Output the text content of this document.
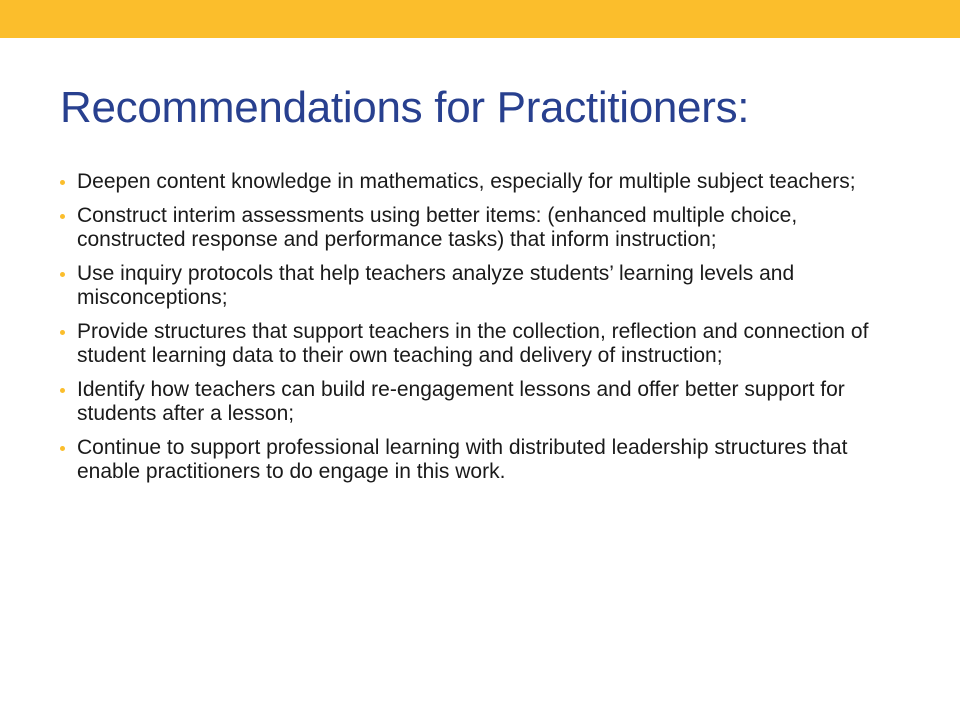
Recommendations for Practitioners:
Deepen content knowledge in mathematics, especially for multiple subject teachers;
Construct interim assessments using better items: (enhanced multiple choice, constructed response and performance tasks) that inform instruction;
Use inquiry protocols that help teachers analyze students’ learning levels and misconceptions;
Provide structures that support teachers in the collection, reflection and connection of student learning data to their own teaching and delivery of instruction;
Identify how teachers can build re-engagement lessons and offer better support for students after a lesson;
Continue to support professional learning with distributed leadership structures that enable practitioners to do engage in this work.
